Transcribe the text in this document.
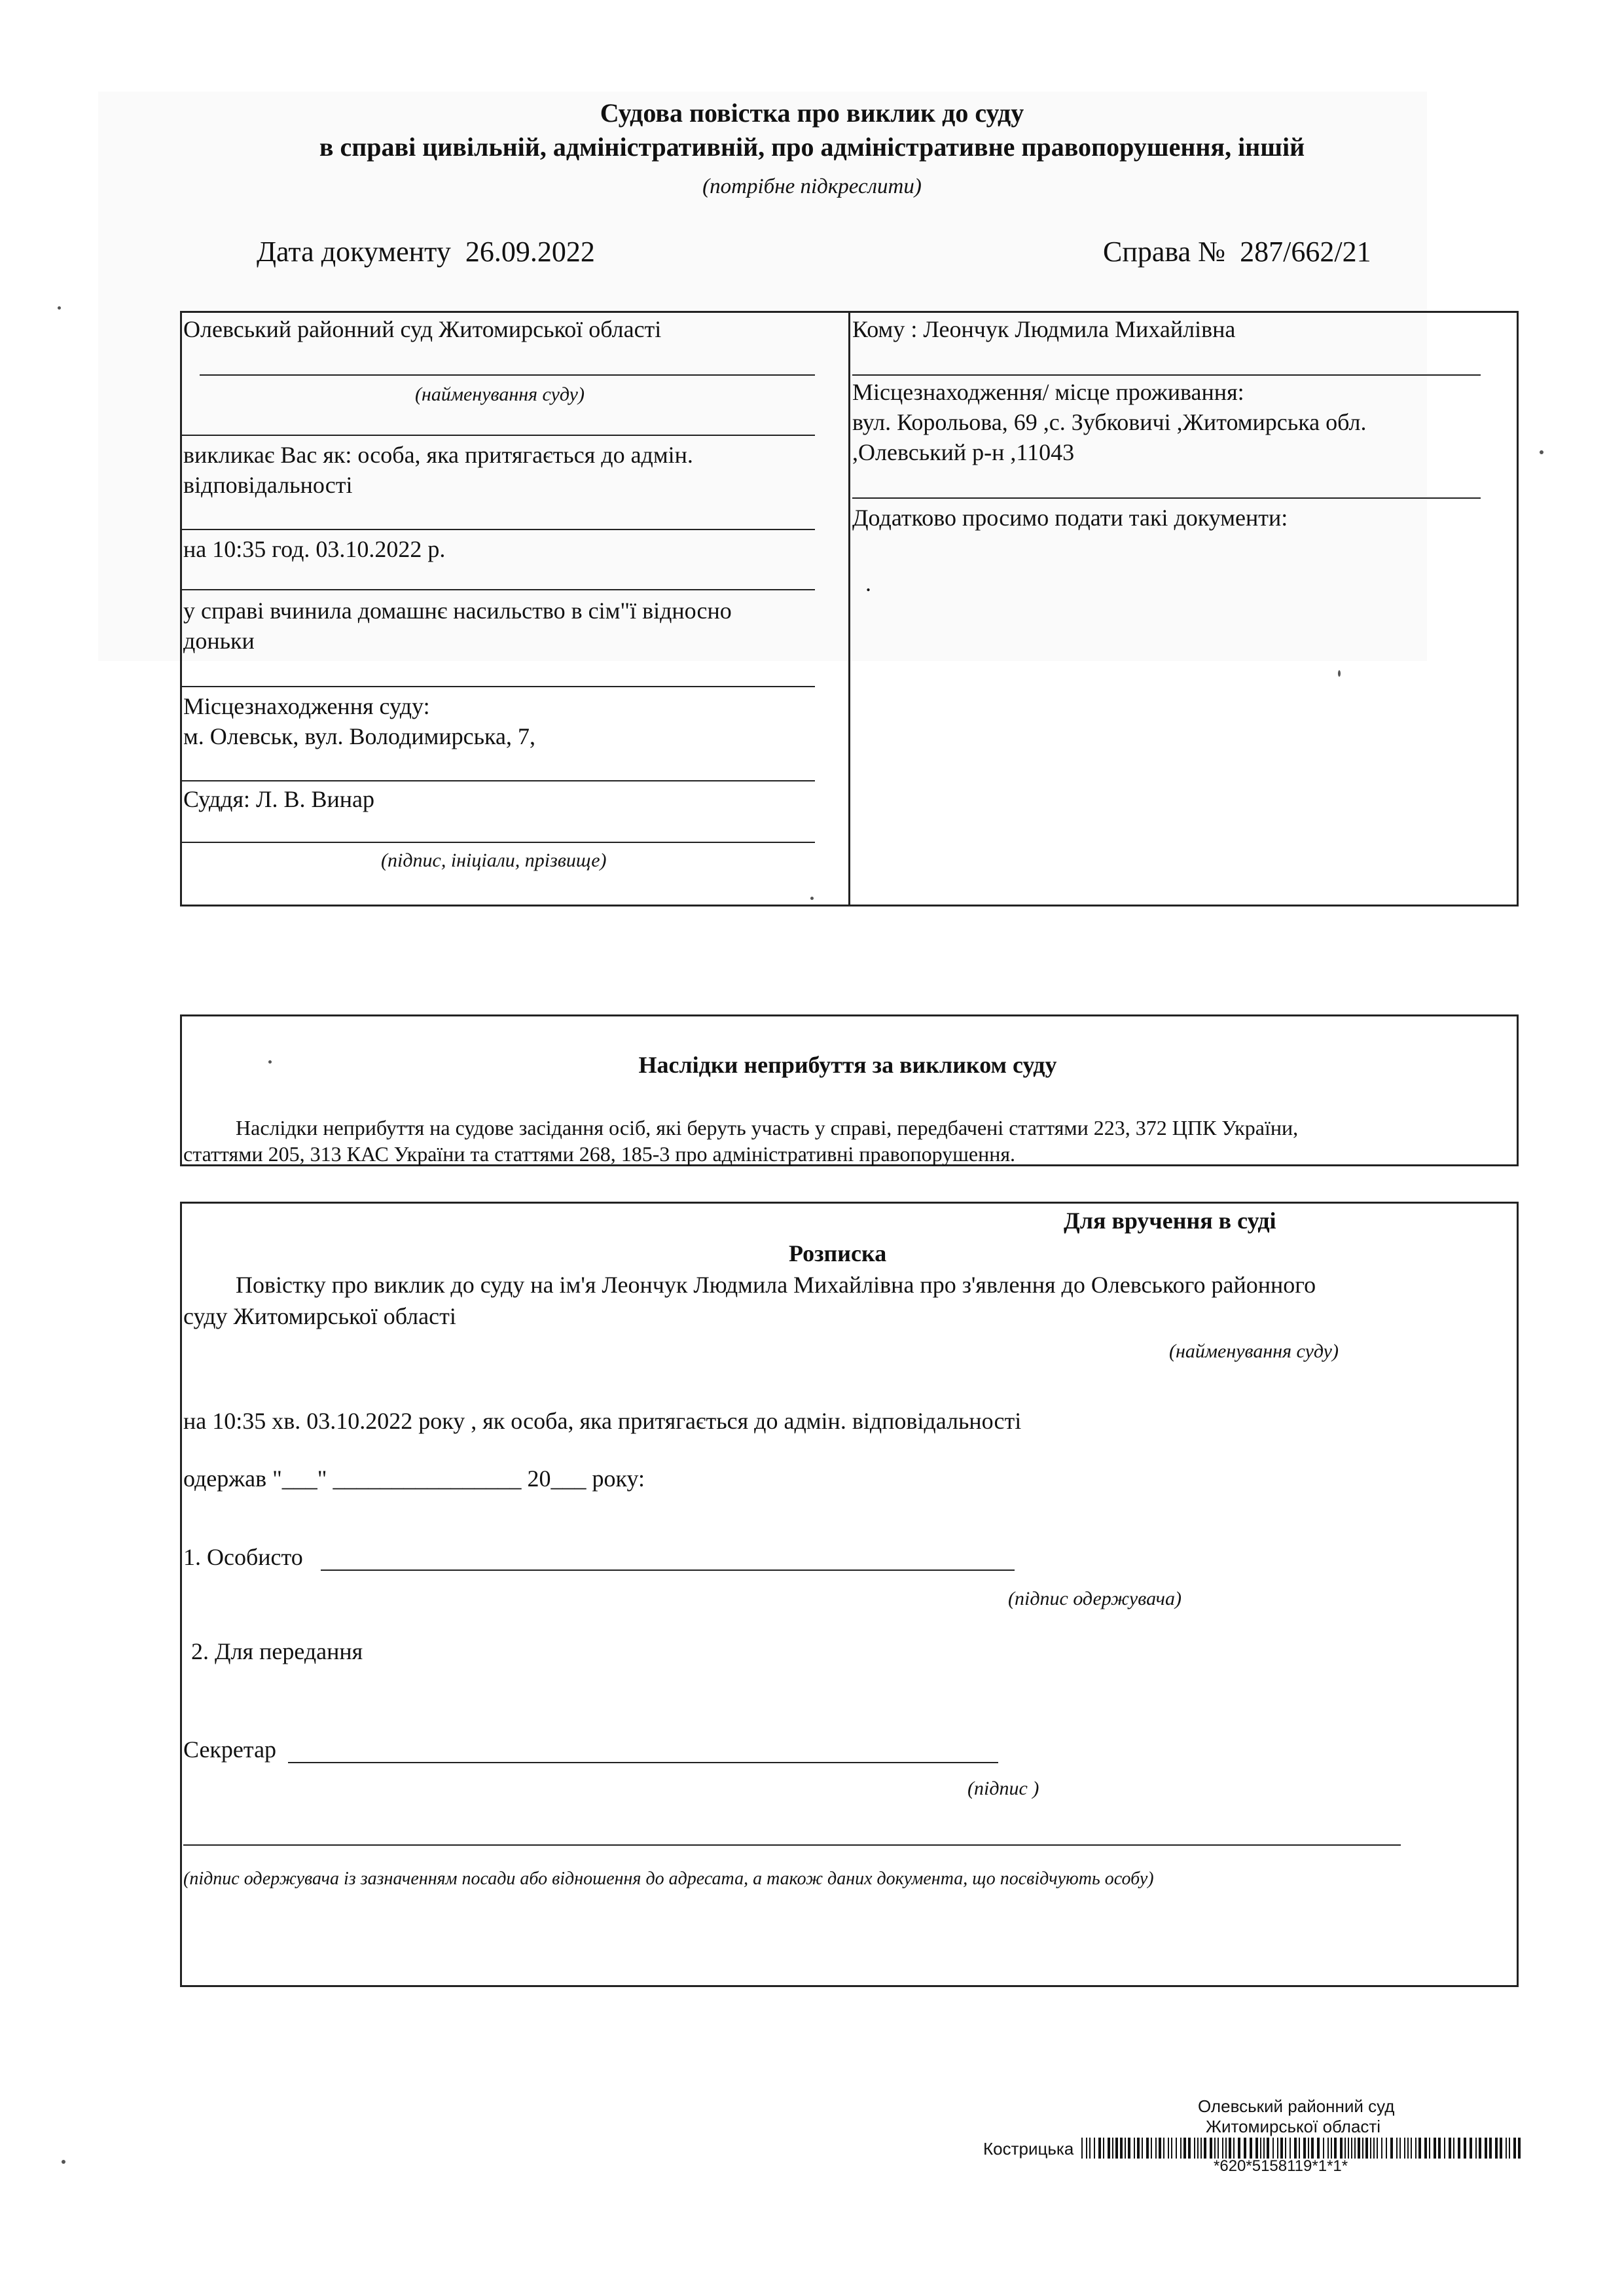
Судова повістка про виклик до суду
в справі цивільній, адміністративній, про адміністративне правопорушення, іншій
(потрібне підкреслити)
Дата документу 26.09.2022	Справа № 287/662/21
Олевський районний суд Житомирської області
(найменування суду)
викликає Вас як: особа, яка притягається до адмін.
відповідальності
на 10:35 год. 03.10.2022 р.
у справі вчинила домашнє насильство в сім"ї відносно
доньки
Місцезнаходження суду:
м. Олевськ, вул. Володимирська, 7,
Суддя: Л. В. Винар
(підпис, ініціали, прізвище)
Кому : Леончук Людмила Михайлівна
Місцезнаходження/ місце проживання:
вул. Корольова, 69 ,с. Зубковичі ,Житомирська обл.
,Олевський р-н ,11043
Додатково просимо подати такі документи:
.
Наслідки неприбуття за викликом суду
Наслідки неприбуття на судове засідання осіб, які беруть участь у справі, передбачені статтями 223, 372 ЦПК України,
статтями 205, 313 КАС України та статтями 268, 185-3 про адміністративні правопорушення.
Для вручення в суді
Розписка
Повістку про виклик до суду на ім'я Леончук Людмила Михайлівна про з'явлення до Олевського районного
суду Житомирської області
(найменування суду)
на 10:35 хв. 03.10.2022 року , як особа, яка притягається до адмін. відповідальності
одержав "___" ________________ 20___ року:
1. Особисто
(підпис одержувача)
2. Для передання
Секретар
(підпис )
(підпис одержувача із зазначенням посади або відношення до адресата, а також даних документа, що посвідчують особу)
Олевський районний суд
Житомирської області
Кострицька
*620*5158119*1*1*
